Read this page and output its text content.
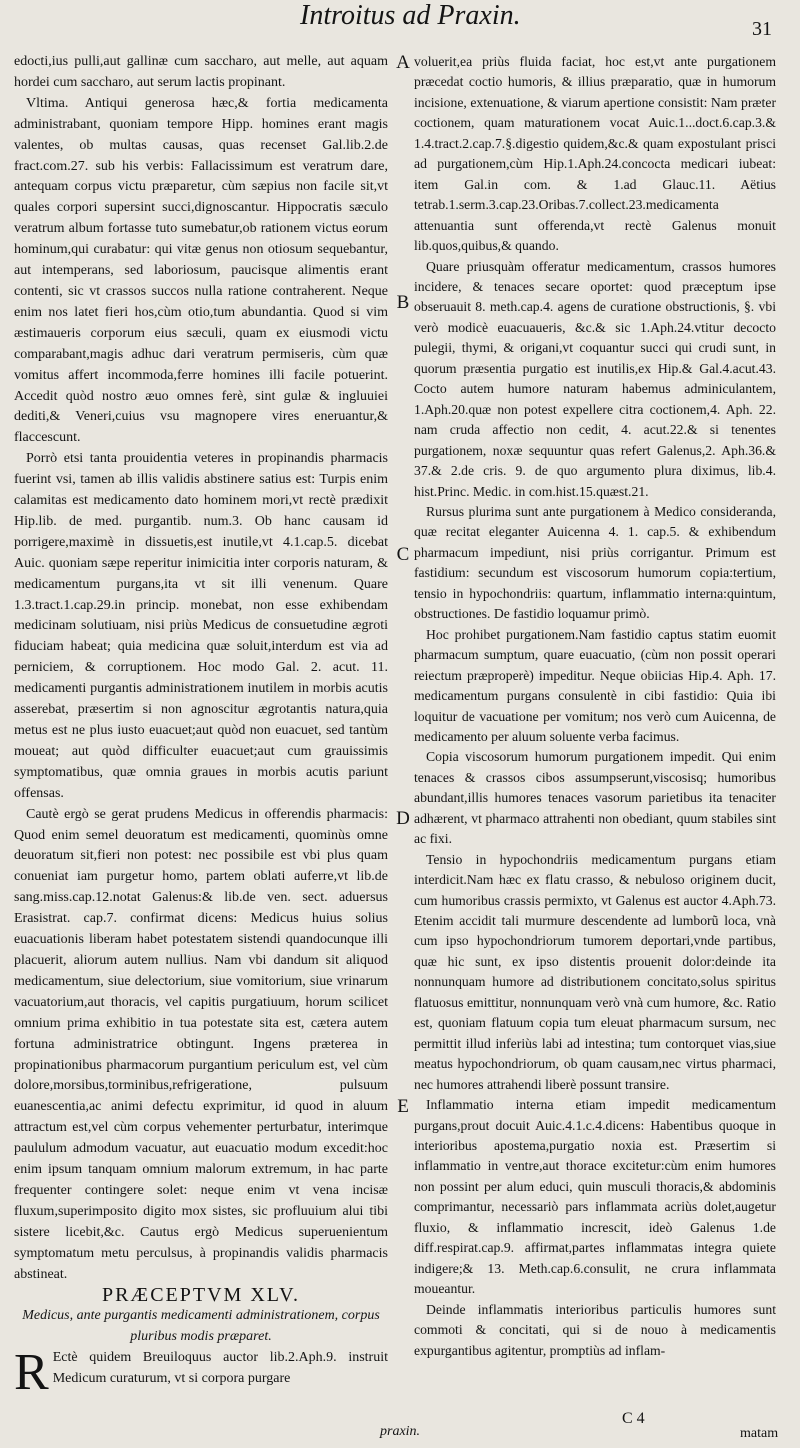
Introitus ad Praxin.	31
A
B
C
D
E

edocti,ius pulli,aut gallinæ cum saccharo, aut melle, aut aquam hordei cum saccharo, aut serum lactis propinant.

Vltima. Antiqui generosa hæc,& fortia medicamenta administrabant, quoniam tempore Hipp. homines erant magis valentes, ob multas causas, quas recenset Gal.lib.2.de fract.com.27. sub his verbis: Fallacissimum est veratrum dare, antequam corpus victu præparetur, cùm sæpius non facile sit,vt quales corpori supersint succi,dignoscantur. Hippocratis sæculo veratrum album fortasse tuto sumebatur,ob rationem victus eorum hominum,qui curabatur: qui vitæ genus non otiosum sequebantur, aut intemperans, sed laboriosum, paucisque alimentis erant contenti, sic vt crassos succos nulla ratione contraherent. Neque enim nos latet fieri hos,cùm otio,tum abundantia. Quod si vim æstimaueris corporum eius sæculi, quam ex eiusmodi victu comparabant,magis adhuc dari veratrum permiseris, cùm quæ vomitus affert incommoda,ferre homines illi facile potuerint. Accedit quòd nostro æuo omnes ferè, sint gulæ & ingluuiei dediti,& Veneri,cuius vsu magnopere vires eneruantur,& flaccescunt.

Porrò etsi tanta prouidentia veteres in propinandis pharmacis fuerint vsi, tamen ab illis validis abstinere satius est: Turpis enim calamitas est medicamento dato hominem mori,vt rectè prædixit Hip.lib. de med. purgantib. num.3. Ob hanc causam id porrigere,maximè in dissuetis,est inutile,vt 4.1.cap.5. dicebat Auic. quoniam sæpe reperitur inimicitia inter corporis naturam, & medicamentum purgans,ita vt sit illi venenum. Quare 1.3.tract.1.cap.29.in princip. monebat, non esse exhibendam medicinam solutiuam, nisi priùs Medicus de consuetudine ægroti fiduciam habeat; quia medicina quæ soluit,interdum est via ad perniciem, & corruptionem. Hoc modo Gal. 2. acut. 11. medicamenti purgantis administrationem inutilem in morbis acutis asserebat, præsertim si non agnoscitur ægrotantis natura,quia metus est ne plus iusto euacuet;aut quòd non euacuet, sed tantùm moueat; aut quòd difficulter euacuet;aut cum grauissimis symptomatibus, quæ omnia graues in morbis acutis pariunt offensas.

Cautè ergò se gerat prudens Medicus in offerendis pharmacis: Quod enim semel deuoratum est medicamenti, quominùs omne deuoratum sit,fieri non potest: nec possibile est vbi plus quam conueniat iam purgetur homo, partem oblati auferre,vt lib.de sang.miss.cap.12.notat Galenus:& lib.de ven. sect. aduersus Erasistrat. cap.7. confirmat dicens: Medicus huius solius euacuationis liberam habet potestatem sistendi quandocunque illi placuerit, aliorum autem nullius. Nam vbi dandum sit aliquod medicamentum, siue delectorium, siue vomitorium, siue vrinarum vacuatorium,aut thoracis, vel capitis purgatiuum, horum scilicet omnium prima exhibitio in tua potestate sita est, cætera autem fortuna administratrice obtingunt. Ingens præterea in propinationibus pharmacorum purgantium periculum est, vel cùm dolore,morsibus,torminibus,refrigeratione, pulsuum euanescentia,ac animi defectu exprimitur, id quod in aluum attractum est,vel cùm corpus vehementer perturbatur, interimque paululum admodum vacuatur, aut euacuatio modum excedit:hoc enim ipsum tanquam omnium malorum extremum, in hac parte frequenter contingere solet: neque enim vt vena incisæ fluxum,superimposito digito mox sistes, sic profluuium alui tibi sistere licebit,&c. Cautus ergò Medicus superuenientum symptomatum metu perculsus, à propinandis validis pharmacis abstineat.

PRÆCEPTVM XLV.

Medicus, ante purgantis medicamenti administrationem, corpus pluribus modis præparet.

R Ectè quidem Breuiloquus auctor lib.2.Aph.9. instruit Medicum curaturum, vt si corpora purgare

voluerit,ea priùs fluida faciat, hoc est,vt ante purgationem præcedat coctio humoris, & illius præparatio, quæ in humorum incisione, extenuatione, & viarum apertione consistit: Nam præter coctionem, quam maturationem vocat Auic.1...doct.6.cap.3.& 1.4.tract.2.cap.7.§.digestio quidem,&c.& quam expostulant prisci ad purgationem,cùm Hip.1.Aph.24.concocta medicari iubeat: item Gal.in com. & 1.ad Glauc.11. Aëtius tetrab.1.serm.3.cap.23.Oribas.7.collect.23.medicamenta attenuantia sunt offerenda,vt rectè Galenus monuit lib.quos,quibus,& quando.

Quare priusquàm offeratur medicamentum, crassos humores incidere, & tenaces secare oportet: quod præceptum ipse obseruauit 8. meth.cap.4. agens de curatione obstructionis, §. vbi verò modicè euacuaueris, &c.& sic 1.Aph.24.vtitur decocto pulegii, thymi, & origani,vt coquantur succi qui crudi sunt, in quorum præsentia purgatio est inutilis,ex Hip.& Gal.4.acut.43. Cocto autem humore naturam habemus adminiculantem, 1.Aph.20.quæ non potest expellere citra coctionem,4. Aph. 22. nam cruda affectio non cedit, 4. acut.22.& si tenentes purgationem, noxæ sequuntur quas refert Galenus,2. Aph.36.& 37.& 2.de cris. 9. de quo argumento plura diximus, lib.4. hist.Princ. Medic. in com.hist.15.quæst.21.

Rursus plurima sunt ante purgationem à Medico consideranda, quæ recitat eleganter Auicenna 4. 1. cap.5. & exhibendum pharmacum impediunt, nisi priùs corrigantur. Primum est fastidium: secundum est viscosorum humorum copia:tertium, tensio in hypochondriis: quartum, inflammatio interna:quintum, obstructiones. De fastidio loquamur primò.

Hoc prohibet purgationem.Nam fastidio captus statim euomit pharmacum sumptum, quare euacuatio, (cùm non possit operari reiectum præproperè) impeditur. Neque obiicias Hip.4. Aph. 17. medicamentum purgans consulentè in cibi fastidio: Quia ibi loquitur de vacuatione per vomitum; nos verò cum Auicenna, de medicamento per aluum soluente verba facimus.

Copia viscosorum humorum purgationem impedit. Qui enim tenaces & crassos cibos assumpserunt,viscosisq; humoribus abundant,illis humores tenaces vasorum parietibus ita tenaciter adhærent, vt pharmaco attrahenti non obediant, quum stabiles sint ac fixi.

Tensio in hypochondriis medicamentum purgans etiam interdicit.Nam hæc ex flatu crasso, & nebuloso originem ducit, cum humoribus crassis permixto, vt Galenus est auctor 4.Aph.73. Etenim accidit tali murmure descendente ad lumborũ loca, vnà cum ipso hypochondriorum tumorem deportari,vnde partibus, quæ hic sunt, ex ipso distentis prouenit dolor:deinde ita nonnunquam humore ad distributionem concitato,solus spiritus flatuosus emittitur, nonnunquam verò vnà cum humore, &c. Ratio est, quoniam flatuum copia tum eleuat pharmacum sursum, nec permittit illud inferiùs labi ad intestina; tum contorquet vias,siue meatus hypochondriorum, ob quam causam,nec virtus pharmaci, nec humores attrahendi liberè possunt transire.

Inflammatio interna etiam impedit medicamentum purgans,prout docuit Auic.4.1.c.4.dicens: Habentibus quoque in interioribus apostema,purgatio noxia est. Præsertim si inflammatio in ventre,aut thorace excitetur:cùm enim humores non possint per alum educi, quin musculi thoracis,& abdominis comprimantur, necessariò pars inflammata acriùs dolet,augetur fluxio, & inflammatio increscit, ideò Galenus 1.de diff.respirat.cap.9. affirmat,partes inflammatas integra quiete indigere;& 13. Meth.cap.6.consulit, ne crura inflammata moueantur.

Deinde inflammatis interioribus particulis humores sunt commoti & concitati, qui si de nouo à medicamentis expurgantibus agitentur, promptiùs ad inflam-

C 4
matam
praxin.
